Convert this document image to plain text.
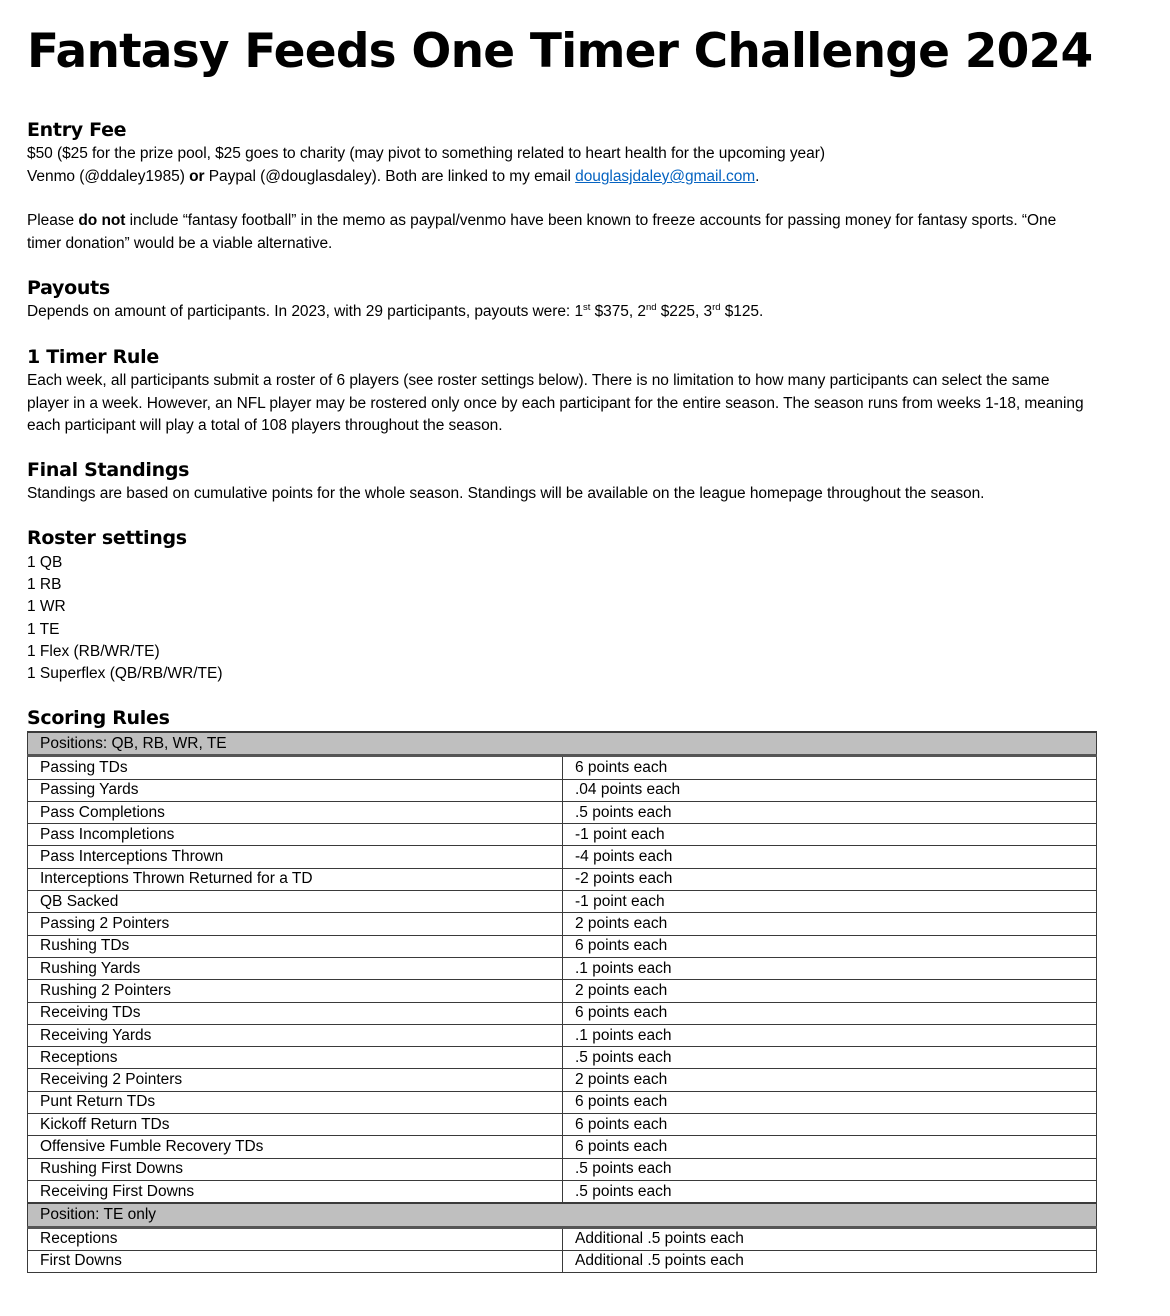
Fantasy Feeds One Timer Challenge 2024
Entry Fee

$50 ($25 for the prize pool, $25 goes to charity (may pivot to something related to heart health for the upcoming year)

Venmo (@ddaley1985) or Paypal (@douglasdaley). Both are linked to my email douglasjdaley@gmail.com.

Please do not include “fantasy football” in the memo as paypal/venmo have been known to freeze accounts for passing money for fantasy sports. “One timer donation” would be a viable alternative.

Payouts

Depends on amount of participants. In 2023, with 29 participants, payouts were: 1st $375, 2nd $225, 3rd $125.

1 Timer Rule

Each week, all participants submit a roster of 6 players (see roster settings below). There is no limitation to how many participants can select the same player in a week. However, an NFL player may be rostered only once by each participant for the entire season. The season runs from weeks 1-18, meaning each participant will play a total of 108 players throughout the season.

Final Standings

Standings are based on cumulative points for the whole season. Standings will be available on the league homepage throughout the season.

Roster settings
1 QB
1 RB
1 WR
1 TE
1 Flex (RB/WR/TE)
1 Superflex (QB/RB/WR/TE)
Scoring Rules
Positions: QB, RB, WR, TE	
Passing TDs	6 points each
Passing Yards	.04 points each
Pass Completions	.5 points each
Pass Incompletions	-1 point each
Pass Interceptions Thrown	-4 points each
Interceptions Thrown Returned for a TD	-2 points each
QB Sacked	-1 point each
Passing 2 Pointers	2 points each
Rushing TDs	6 points each
Rushing Yards	.1 points each
Rushing 2 Pointers	2 points each
Receiving TDs	6 points each
Receiving Yards	.1 points each
Receptions	.5 points each
Receiving 2 Pointers	2 points each
Punt Return TDs	6 points each
Kickoff Return TDs	6 points each
Offensive Fumble Recovery TDs	6 points each
Rushing First Downs	.5 points each
Receiving First Downs	.5 points each
Position: TE only	
Receptions	Additional .5 points each
First Downs	Additional .5 points each
